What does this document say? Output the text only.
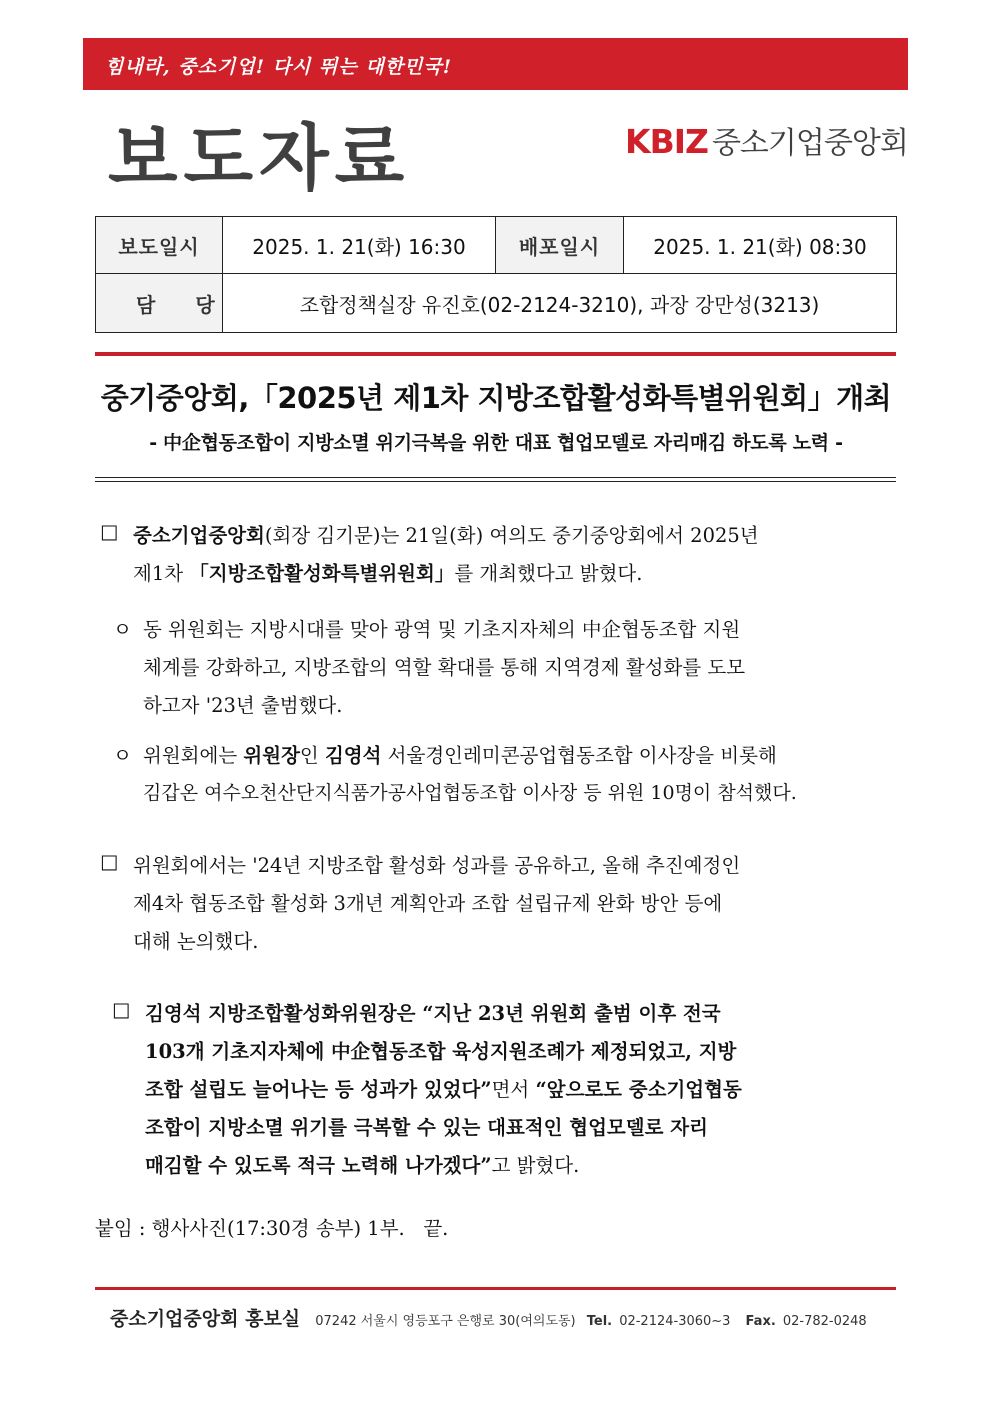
힘내라, 중소기업! 다시 뛰는 대한민국!
보도자료	KBIZ 중소기업중앙회
보도일시	2025. 1. 21(화) 16:30	배포일시	2025. 1. 21(화) 08:30
담당	조합정책실장 유진호(02-2124-3210), 과장 강만성(3213)		
중기중앙회,「2025년 제1차 지방조합활성화특별위원회」개최
- 中企협동조합이 지방소멸 위기극복을 위한 대표 협업모델로 자리매김 하도록 노력 -
□ 중소기업중앙회(회장 김기문)는 21일(화) 여의도 중기중앙회에서 2025년
제1차 「지방조합활성화특별위원회」를 개최했다고 밝혔다.
ㅇ 동 위원회는 지방시대를 맞아 광역 및 기초지자체의 中企협동조합 지원
체계를 강화하고, 지방조합의 역할 확대를 통해 지역경제 활성화를 도모
하고자 '23년 출범했다.
ㅇ 위원회에는 위원장인 김영석 서울경인레미콘공업협동조합 이사장을 비롯해
김갑온 여수오천산단지식품가공사업협동조합 이사장 등 위원 10명이 참석했다.
□ 위원회에서는 '24년 지방조합 활성화 성과를 공유하고, 올해 추진예정인
제4차 협동조합 활성화 3개년 계획안과 조합 설립규제 완화 방안 등에
대해 논의했다.
□ 김영석 지방조합활성화위원장은 “지난 23년 위원회 출범 이후 전국
103개 기초지자체에 中企협동조합 육성지원조례가 제정되었고, 지방
조합 설립도 늘어나는 등 성과가 있었다”면서 “앞으로도 중소기업협동
조합이 지방소멸 위기를 극복할 수 있는 대표적인 협업모델로 자리
매김할 수 있도록 적극 노력해 나가겠다”고 밝혔다.
붙임 : 행사사진(17:30경 송부) 1부.   끝.
중소기업중앙회 홍보실 07242 서울시 영등포구 은행로 30(여의도동) Tel. 02-2124-3060~3 Fax. 02-782-0248
